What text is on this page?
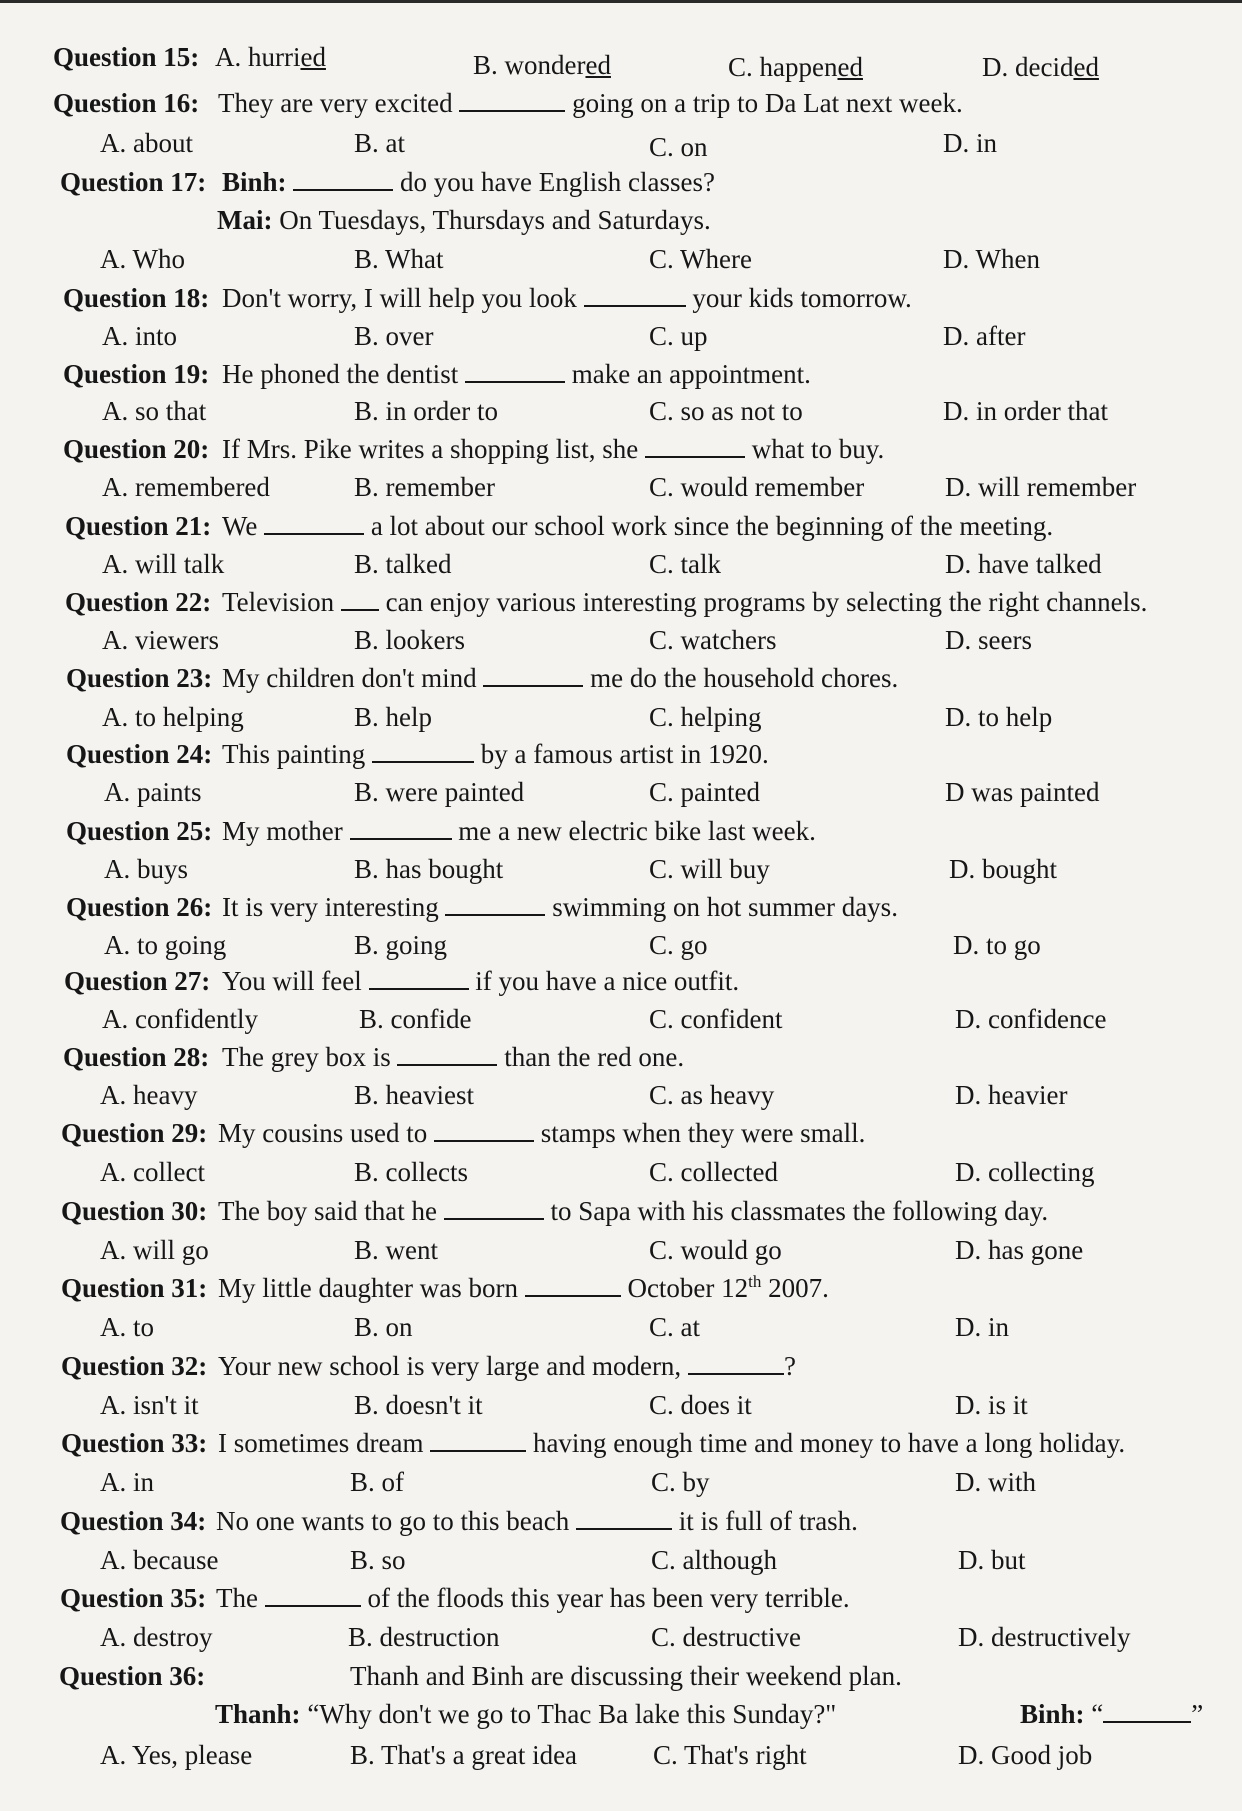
Question 15: A. hurried	B. wondered	C. happened	D. decided
Question 16: They are very excited	going on a trip to Da Lat next week.
A. about	B. at	C. on	D. in
Question 17: Binh:	do you have English classes?
Mai: On Tuesdays, Thursdays and Saturdays.
A. Who	B. What	C. Where	D. When
Question 18: Don't worry, I will help you look	your kids tomorrow.
A. into	B. over	C. up	D. after
Question 19: He phoned the dentist	make an appointment.
A. so that	B. in order to	C. so as not to	D. in order that
Question 20: If Mrs. Pike writes a shopping list, she	what to buy.
A. remembered	B. remember	C. would remember	D. will remember
Question 21: We	a lot about our school work since the beginning of the meeting.
A. will talk	B. talked	C. talk	D. have talked
Question 22: Television can enjoy various interesting programs by selecting the right channels.
A. viewers	B. lookers	C. watchers	D. seers
Question 23: My children don't mind	me do the household chores.
A. to helping	B. help	C. helping	D. to help
Question 24: This painting	by a famous artist in 1920.
A. paints	B. were painted	C. painted	D was painted
Question 25: My mother	me a new electric bike last week.
A. buys	B. has bought	C. will buy	D. bought
Question 26: It is very interesting	swimming on hot summer days.
A. to going	B. going	C. go	D. to go
Question 27: You will feel	if you have a nice outfit.
A. confidently	B. confide	C. confident	D. confidence
Question 28: The grey box is	than the red one.
A. heavy	B. heaviest	C. as heavy	D. heavier
Question 29: My cousins used to	stamps when they were small.
A. collect	B. collects	C. collected	D. collecting
Question 30: The boy said that he	to Sapa with his classmates the following day.
A. will go	B. went	C. would go	D. has gone
Question 31: My little daughter was born	October 12th 2007.
A. to	B. on	C. at	D. in
Question 32: Your new school is very large and modern,	?
A. isn't it	B. doesn't it	C. does it	D. is it
Question 33: I sometimes dream	having enough time and money to have a long holiday.
A. in	B. of	C. by	D. with
Question 34: No one wants to go to this beach	it is full of trash.
A. because	B. so	C. although	D. but
Question 35: The	of the floods this year has been very terrible.
A. destroy	B. destruction	C. destructive	D. destructively
Question 36:	Thanh and Binh are discussing their weekend plan.
Thanh: “Why don't we go to Thac Ba lake this Sunday?"	Binh: “	”
A. Yes, please	B. That's a great idea	C. That's right	D. Good job
